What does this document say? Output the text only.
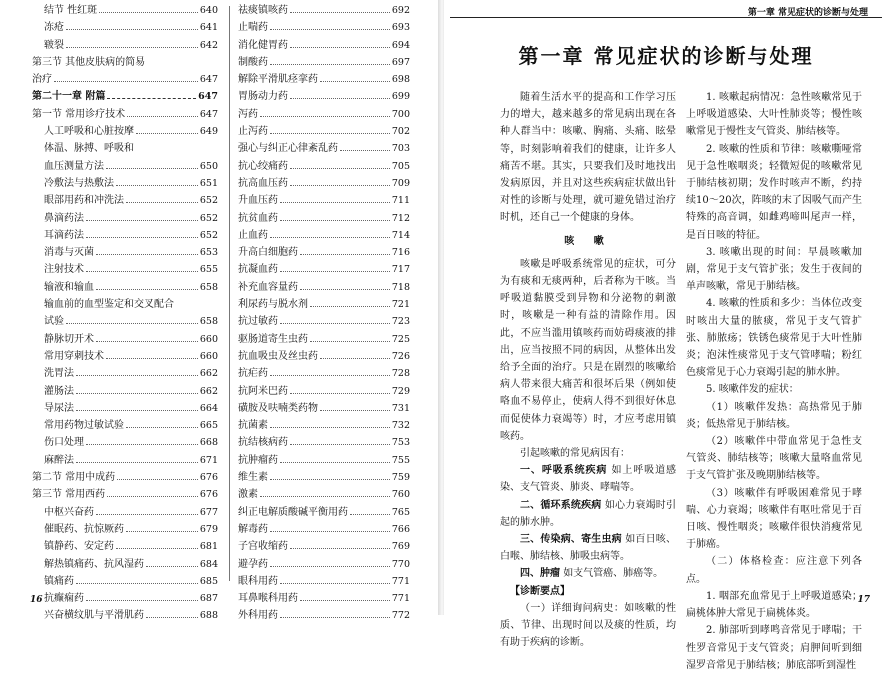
结节 性红斑	640
冻疮	641
皲裂	642
第三节 其他皮肤病的简易
治疗	647
第二十一章 附篇	647
第一节 常用诊疗技术	647
人工呼吸和心脏按摩	649
体温、脉搏、呼吸和
血压测量方法	650
冷敷法与热敷法	651
眼部用药和冲洗法	652
鼻滴药法	652
耳滴药法	652
消毒与灭菌	653
注射技术	655
输液和输血	658
输血前的血型鉴定和交叉配合
试验	658
静脉切开术	660
常用穿刺技术	660
洗胃法	662
灌肠法	662
导尿法	664
常用药物过敏试验	665
伤口处理	668
麻醉法	671
第二节 常用中成药	676
第三节 常用西药	676
中枢兴奋药	677
催眠药、抗惊厥药	679
镇静药、安定药	681
解热镇痛药、抗风湿药	684
镇痛药	685
抗癫痫药	687
兴奋横纹肌与平滑肌药	688
祛痰镇咳药	692
止喘药	693
消化健胃药	694
制酸药	697
解除平滑肌痉挛药	698
胃肠动力药	699
泻药	700
止泻药	702
强心与纠正心律紊乱药	703
抗心绞痛药	705
抗高血压药	709
升血压药	711
抗贫血药	712
止血药	714
升高白细胞药	716
抗凝血药	717
补充血容量药	718
利尿药与脱水剂	721
抗过敏药	723
驱肠道寄生虫药	725
抗血吸虫及丝虫药	726
抗疟药	728
抗阿米巴药	729
磺胺及呋喃类药物	731
抗菌素	732
抗结核病药	753
抗肿瘤药	755
维生素	759
激素	760
纠正电解质酸碱平衡用药	765
解毒药	766
子宫收缩药	769
避孕药	770
眼科用药	771
耳鼻喉科用药	771
外科用药	772
16
第一章 常见症状的诊断与处理
第一章 常见症状的诊断与处理

随着生活水平的提高和工作学习压力的增大，越来越多的常见病出现在各种人群当中：咳嗽、胸痛、头痛、眩晕等，时刻影响着我们的健康，让许多人痛苦不堪。其实，只要我们及时地找出发病原因，并且对这些疾病症状做出针对性的诊断与处理，就可避免错过治疗时机，还自己一个健康的身体。

咳 嗽

咳嗽是呼吸系统常见的症状，可分为有痰和无痰两种，后者称为干咳。当呼吸道黏膜受到异物和分泌物的刺激时，咳嗽是一种有益的清除作用。因此，不应当滥用镇咳药而妨碍痰液的排出，应当按照不同的病因，从整体出发给予全面的治疗。只是在剧烈的咳嗽给病人带来很大痛苦和很坏后果（例如使咯血不易停止，使病人得不到很好休息而促使体力衰竭等）时，才应考虑用镇咳药。

引起咳嗽的常见病因有：

一、呼吸系统疾病 如上呼吸道感染、支气管炎、肺炎、哮喘等。

二、循环系统疾病 如心力衰竭时引起的肺水肿。

三、传染病、寄生虫病 如百日咳、白喉、肺结核、肺吸虫病等。

四、肿瘤 如支气管癌、肺癌等。

【诊断要点】

（一）详细询问病史：如咳嗽的性质、节律、出现时间以及痰的性质，均有助于疾病的诊断。

1. 咳嗽起病情况：急性咳嗽常见于上呼吸道感染、大叶性肺炎等；慢性咳嗽常见于慢性支气管炎、肺结核等。

2. 咳嗽的性质和节律：咳嗽嘶哑常见于急性喉咽炎；轻微短促的咳嗽常见于肺结核初期；发作时咳声不断，约持续10～20次，阵咳的末了因吸气而产生特殊的高音调，如雌鸡啼叫尾声一样，是百日咳的特征。

3. 咳嗽出现的时间：早晨咳嗽加剧，常见于支气管扩张；发生于夜间的单声咳嗽，常见于肺结核。

4. 咳嗽的性质和多少：当体位改变时咳出大量的脓痰，常见于支气管扩张、肺脓疡；铁锈色痰常见于大叶性肺炎；泡沫性痰常见于支气管哮喘；粉红色痰常见于心力衰竭引起的肺水肿。

5. 咳嗽伴发的症状：

（1）咳嗽伴发热：高热常见于肺炎；低热常见于肺结核。

（2）咳嗽伴中带血常见于急性支气管炎、肺结核等；咳嗽大量咯血常见于支气管扩张及晚期肺结核等。

（3）咳嗽伴有呼吸困难常见于哮喘、心力衰竭；咳嗽伴有呕吐常见于百日咳、慢性咽炎；咳嗽伴很快消瘦常见于肺癌。

（二）体格检查：应注意下列各点。

1. 咽部充血常见于上呼吸道感染；扁桃体肿大常见于扁桃体炎。

2. 肺部听到哮鸣音常见于哮喘；干性罗音常见于支气管炎；肩胛间听到细湿罗音常见于肺结核；肺底部听到湿性

17
